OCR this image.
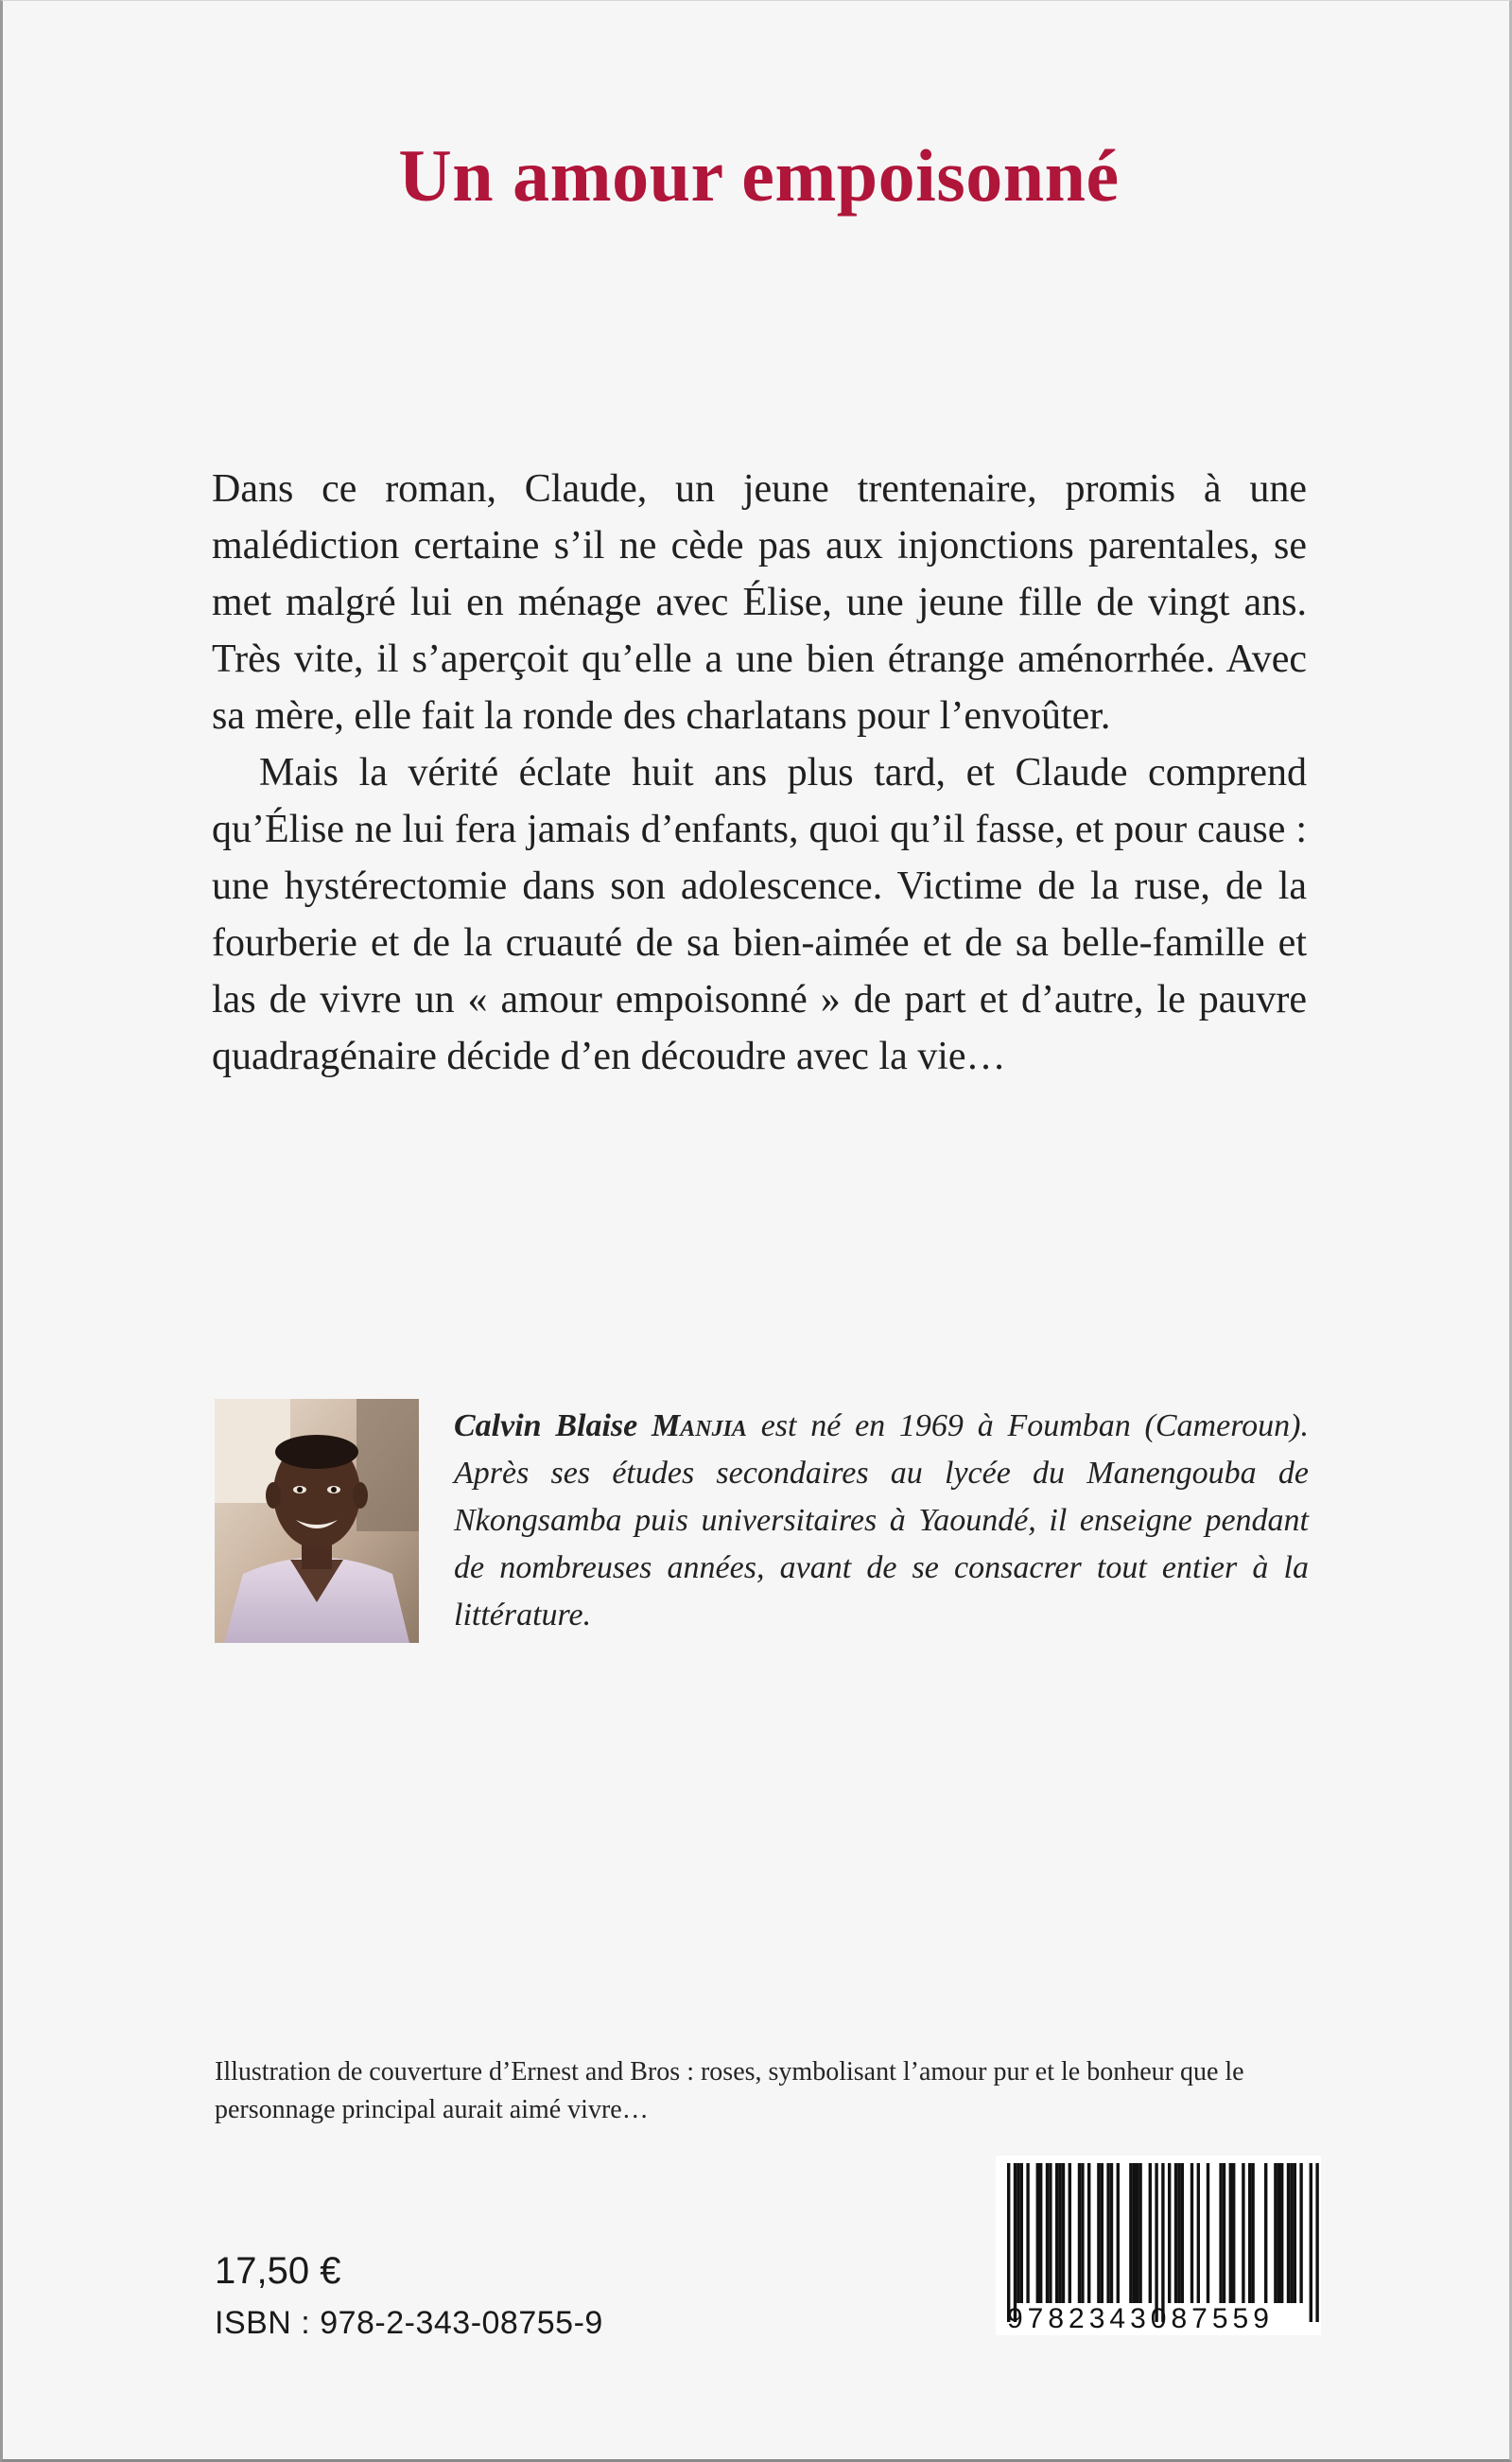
Un amour empoisonné

Dans ce roman, Claude, un jeune trentenaire, promis à une malédiction certaine s’il ne cède pas aux injonctions parentales, se met malgré lui en ménage avec Élise, une jeune fille de vingt ans. Très vite, il s’aperçoit qu’elle a une bien étrange aménorrhée. Avec sa mère, elle fait la ronde des charlatans pour l’envoûter.

Mais la vérité éclate huit ans plus tard, et Claude comprend qu’Élise ne lui fera jamais d’enfants, quoi qu’il fasse, et pour cause : une hystérectomie dans son adolescence. Victime de la ruse, de la fourberie et de la cruauté de sa bien-aimée et de sa belle-famille et las de vivre un « amour empoisonné » de part et d’autre, le pauvre quadragénaire décide d’en découdre avec la vie…

Calvin Blaise Manjia est né en 1969 à Foumban (Cameroun). Après ses études secondaires au lycée du Manengouba de Nkongsamba puis universitaires à Yaoundé, il enseigne pendant de nombreuses années, avant de se consacrer tout entier à la littérature.
Illustration de couverture d’Ernest and Bros : roses, symbolisant l’amour pur et le bonheur que le personnage principal aurait aimé vivre…
17,50 €
ISBN : 978-2-343-08755-9	9782343087559
